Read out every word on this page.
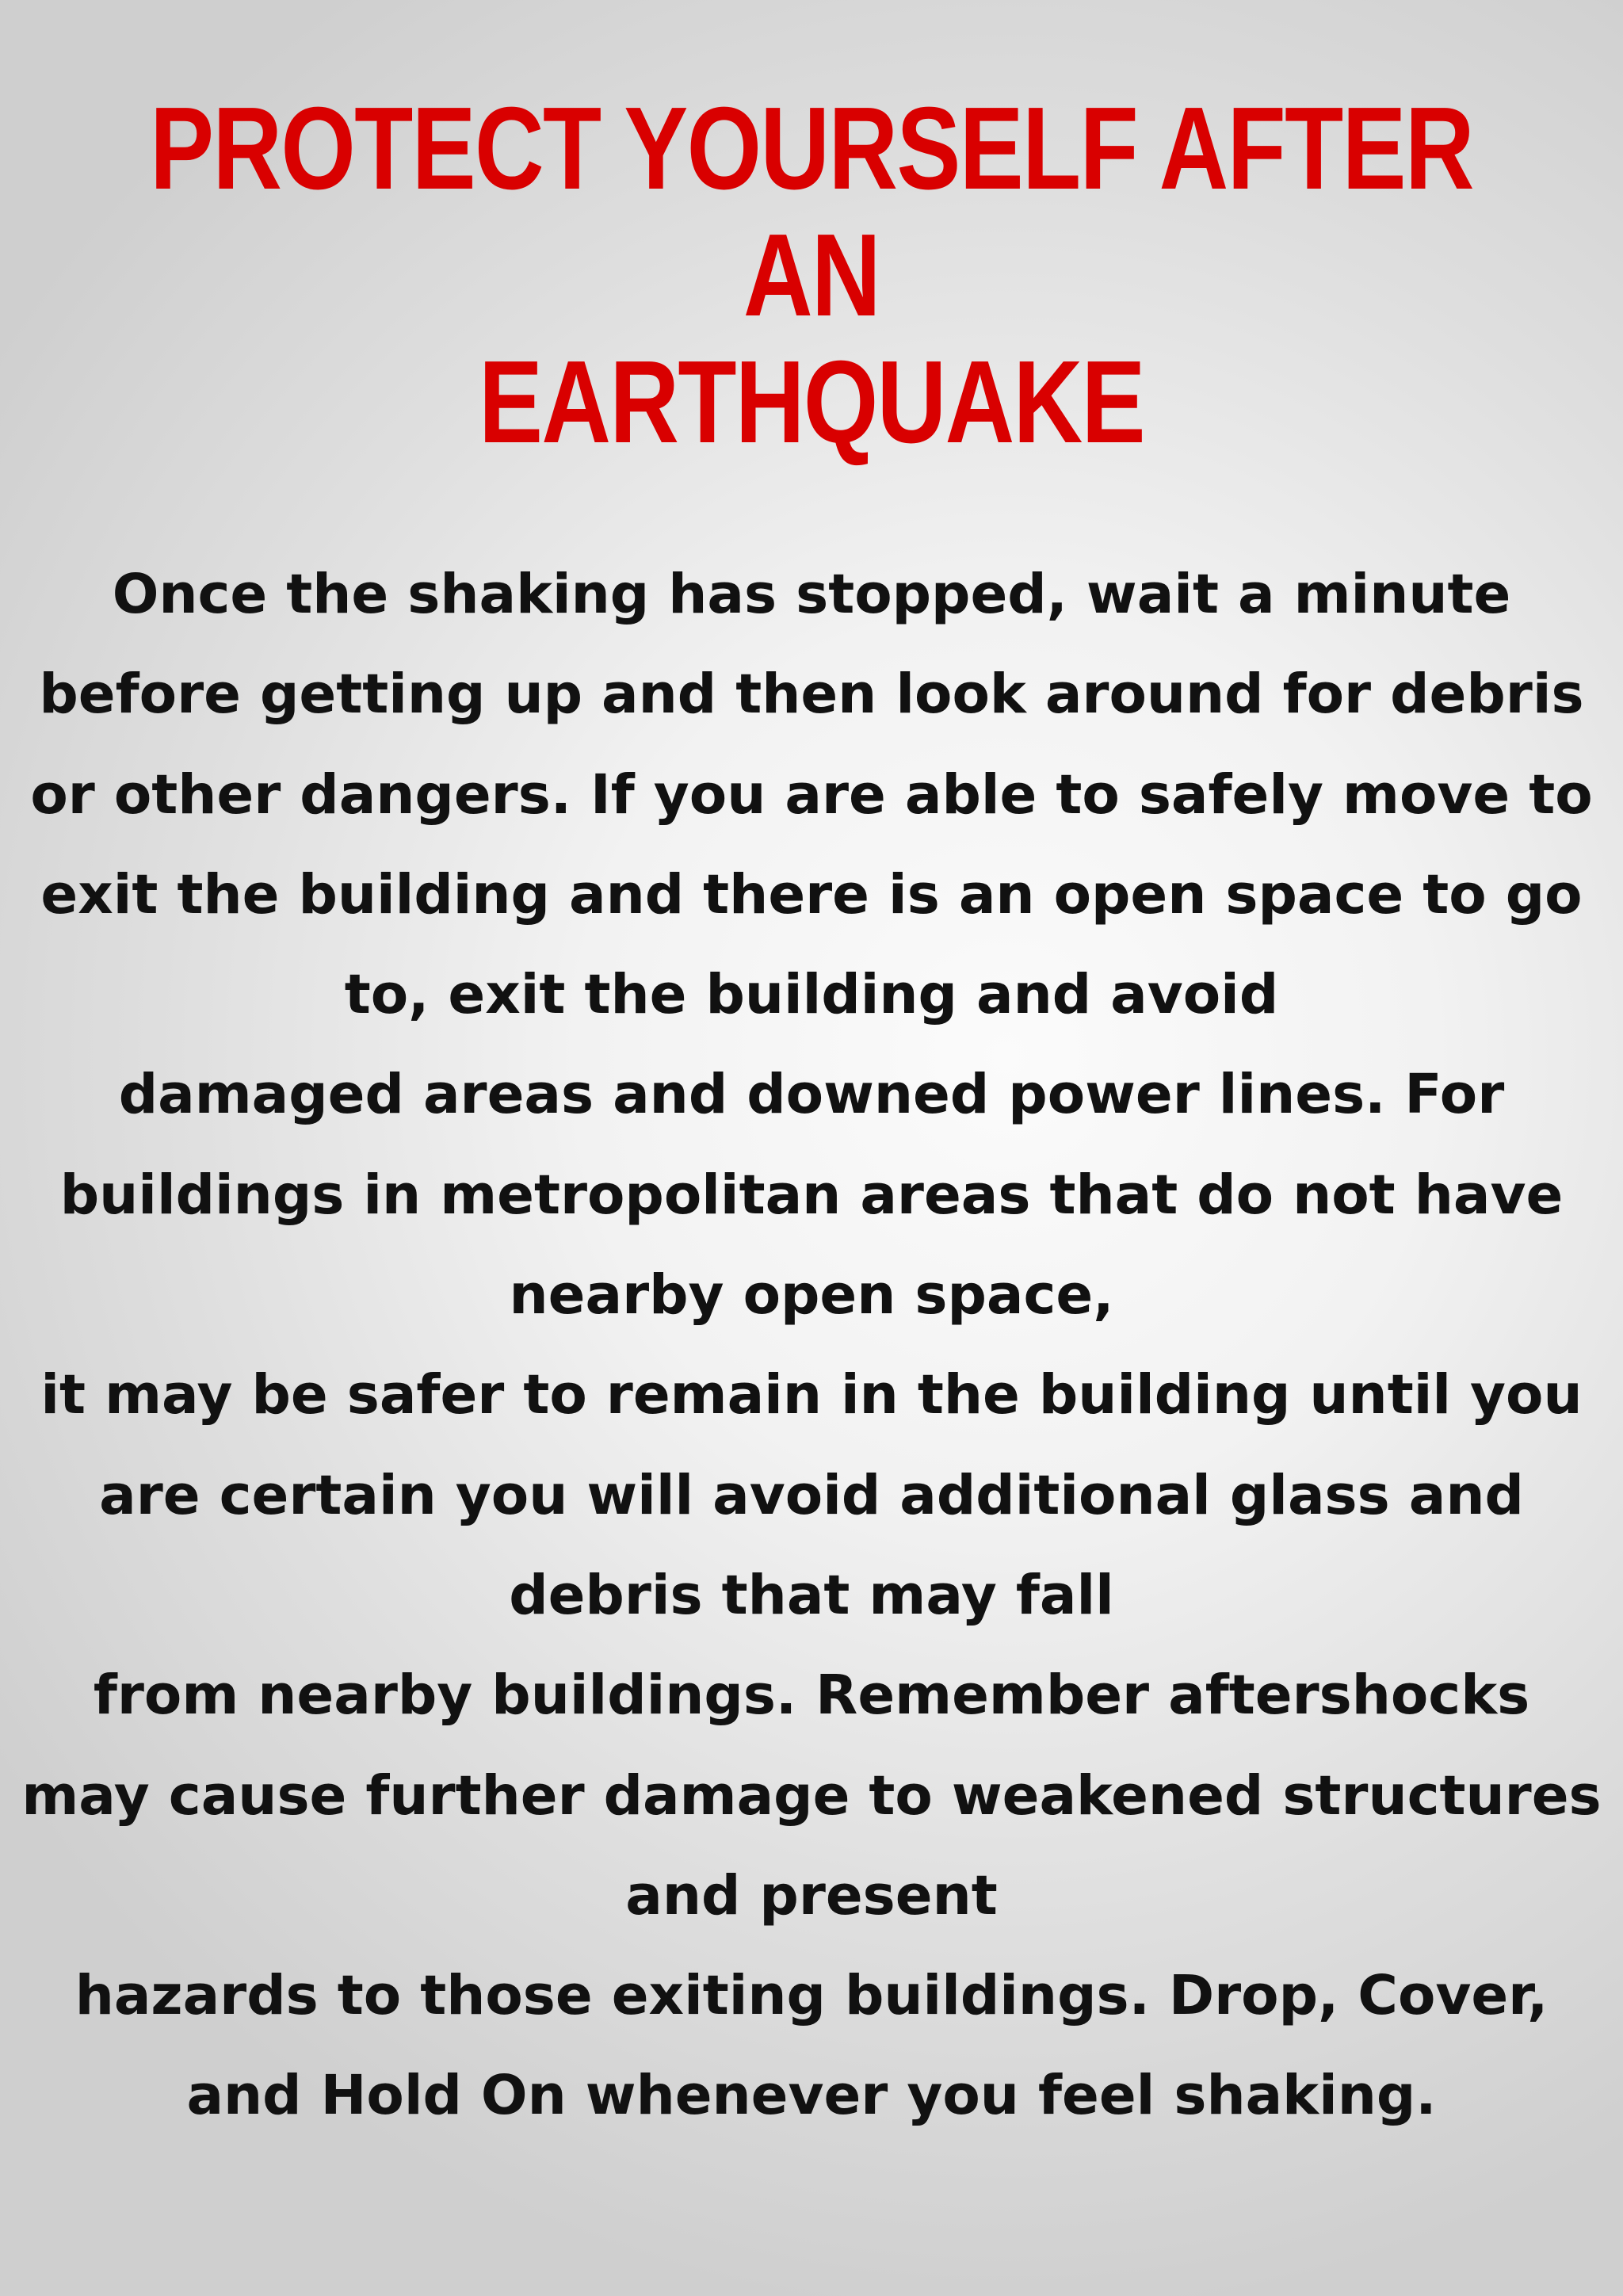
PROTECT YOURSELF AFTER AN
EARTHQUAKE
Once the shaking has stopped, wait a minute
before getting up and then look around for debris
or other dangers. If you are able to safely move to
exit the building and there is an open space to go
to, exit the building and avoid
damaged areas and downed power lines. For
buildings in metropolitan areas that do not have
nearby open space,
it may be safer to remain in the building until you
are certain you will avoid additional glass and
debris that may fall
from nearby buildings. Remember aftershocks
may cause further damage to weakened structures
and present
hazards to those exiting buildings. Drop, Cover,
and Hold On whenever you feel shaking.
